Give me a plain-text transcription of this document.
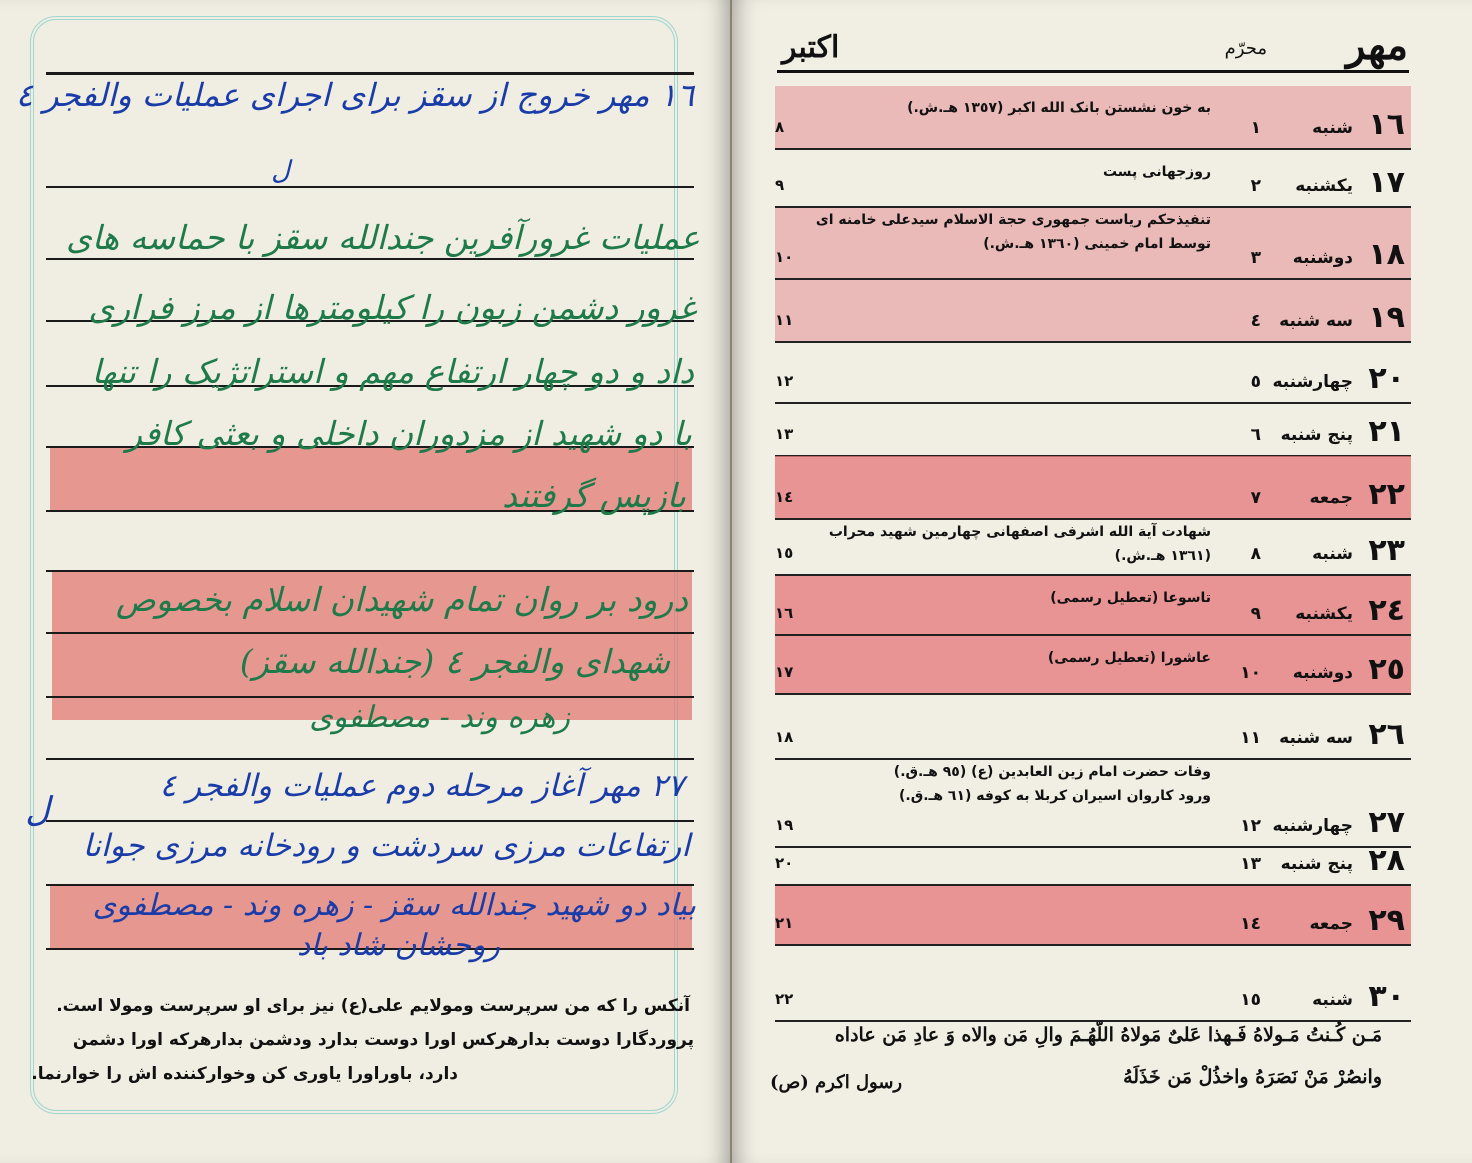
١٦ مهر خروج از سقز برای اجرای عملیات والفجر ٤
عملیات غرورآفرین جندالله سقز با حماسه های
غرور دشمن زبون را کیلومترها از مرز فراری
داد و دو چهار ارتفاع مهم و استراتژیک را تنها
با دو شهید از مزدوران داخلی و بعثی کافر
بازپس گرفتند
درود بر روان تمام شهیدان اسلام بخصوص
شهدای والفجر ٤ (جندالله سقز)
زهره وند - مصطفوی
٢٧ مهر آغاز مرحله دوم عملیات والفجر ٤
ارتفاعات مرزی سردشت و رودخانه مرزی جوانا
بیاد دو شهید جندالله سقز - زهره وند - مصطفوی
روحشان شاد باد
ل
ل
آنکس را که من سرپرست ومولایم علی(ع) نیز برای او سرپرست ومولا است.
پروردگارا دوست بدارهرکس اورا دوست بدارد ودشمن بدارهرکه اورا دشمن
دارد، باوراورا یاوری کن وخوارکننده اش را خوارنما.
مهر
محرّم
اکتبر
١٦
شنبه
١
٨
به خون نشستن بانک الله اکبر (١٣٥٧ هـ.ش.)
١٧
یکشنبه
٢
٩
روزجهانی پست
١٨
دوشنبه
٣
١٠
تنفیذحکم ریاست جمهوری حجة الاسلام سیدعلی خامنه ای
توسط امام خمینی (١٣٦٠ هـ.ش.)
١٩
سه شنبه
٤
١١
٢٠
چهارشنبه
٥
١٢
٢١
پنج شنبه
٦
١٣
٢٢
جمعه
٧
١٤
٢٣
شنبه
٨
١٥
شهادت آیة الله اشرفی اصفهانی چهارمین شهید محراب
(١٣٦١ هـ.ش.)
٢٤
یکشنبه
٩
١٦
تاسوعا (تعطیل رسمی)
٢٥
دوشنبه
١٠
١٧
عاشورا (تعطیل رسمی)
٢٦
سه شنبه
١١
١٨
٢٧
چهارشنبه
١٢
١٩
وفات حضرت امام زین العابدین (ع) (٩٥ هـ.ق.)
ورود کاروان اسیران کربلا به کوفه (٦١ هـ.ق.)
٢٨
پنج شنبه
١٣
٢٠
٢٩
جمعه
١٤
٢١
٣٠
شنبه
١٥
٢٢
مَـن کُـنتُ مَـولاهُ فَـهذا عَلیٌ مَولاهُ اللّهُـمَ والِ مَن والاه وَ عادِ مَن عاداه
وانصُرْ مَنْ نَصَرَهُ واخذُلْ مَن خَذَلَهُ
رسول اکرم (ص)
